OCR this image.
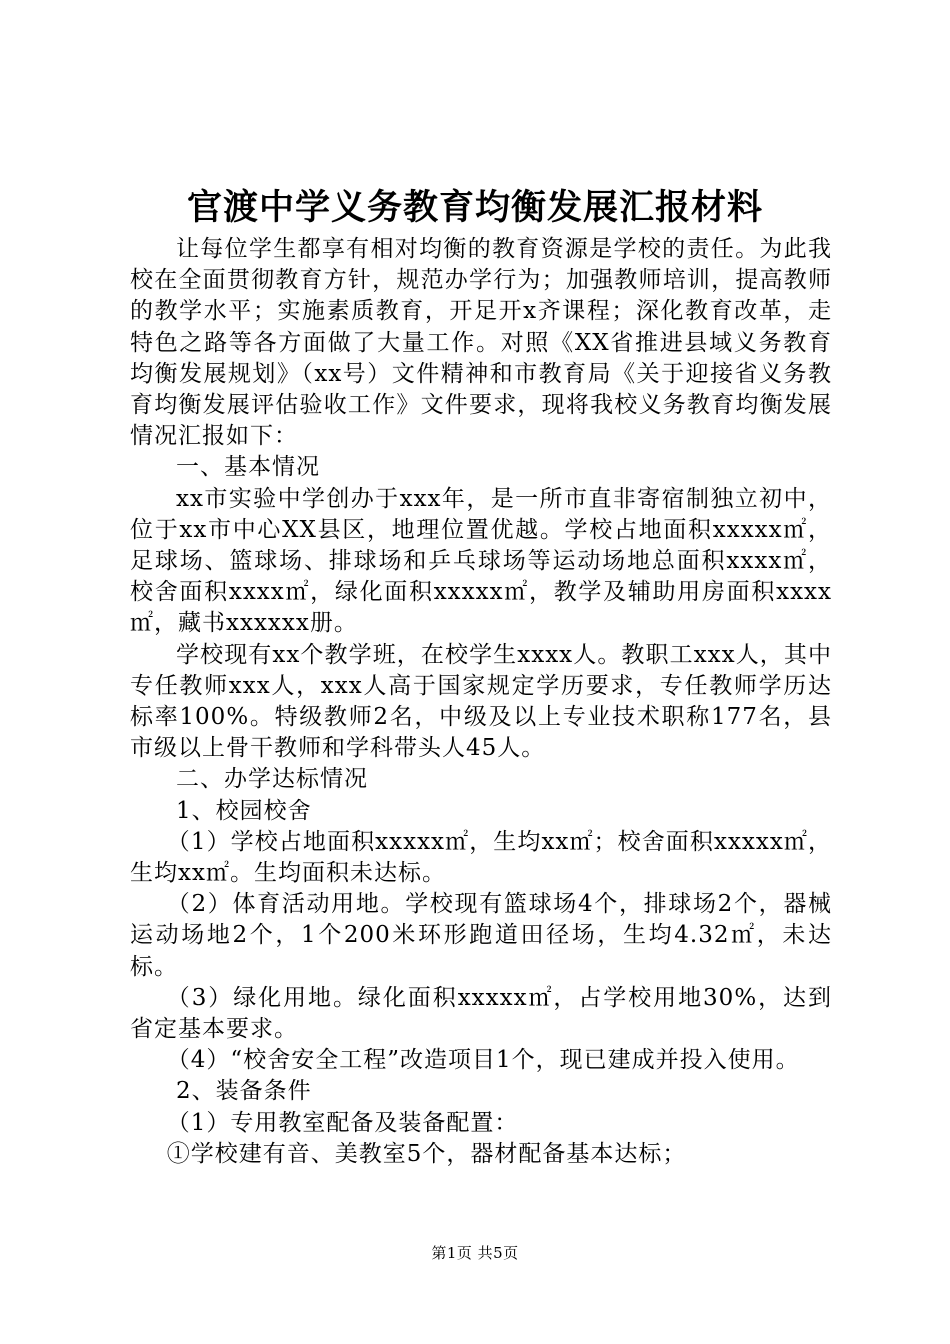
官渡中学义务教育均衡发展汇报材料

让每位学生都享有相对均衡的教育资源是学校的责任。为此我校在全面贯彻教育方针，规范办学行为；加强教师培训，提高教师的教学水平；实施素质教育，开足开x齐课程；深化教育改革，走特色之路等各方面做了大量工作。对照《XX省推进县域义务教育均衡发展规划》（xx号）文件精神和市教育局《关于迎接省义务教育均衡发展评估验收工作》文件要求，现将我校义务教育均衡发展情况汇报如下：

一、基本情况

xx市实验中学创办于xxx年，是一所市直非寄宿制独立初中，位于xx市中心XX县区，地理位置优越。学校占地面积xxxxx㎡，足球场、篮球场、排球场和乒乓球场等运动场地总面积xxxx㎡，校舍面积xxxx㎡，绿化面积xxxxx㎡，教学及辅助用房面积xxxx㎡，藏书xxxxxx册。

学校现有xx个教学班，在校学生xxxx人。教职工xxx人，其中专任教师xxx人，xxx人高于国家规定学历要求，专任教师学历达标率100%。特级教师2名，中级及以上专业技术职称177名，县市级以上骨干教师和学科带头人45人。

二、办学达标情况

1、校园校舍

（1）学校占地面积xxxxx㎡，生均xx㎡；校舍面积xxxxx㎡，生均xx㎡。生均面积未达标。

（2）体育活动用地。学校现有篮球场4个，排球场2个，器械运动场地2个，1个200米环形跑道田径场，生均4.32㎡，未达标。

（3）绿化用地。绿化面积xxxxx㎡，占学校用地30%，达到省定基本要求。

（4）“校舍安全工程”改造项目1个，现已建成并投入使用。

2、装备条件

（1）专用教室配备及装备配置：

①学校建有音、美教室5个，器材配备基本达标；

第1页 共5页
